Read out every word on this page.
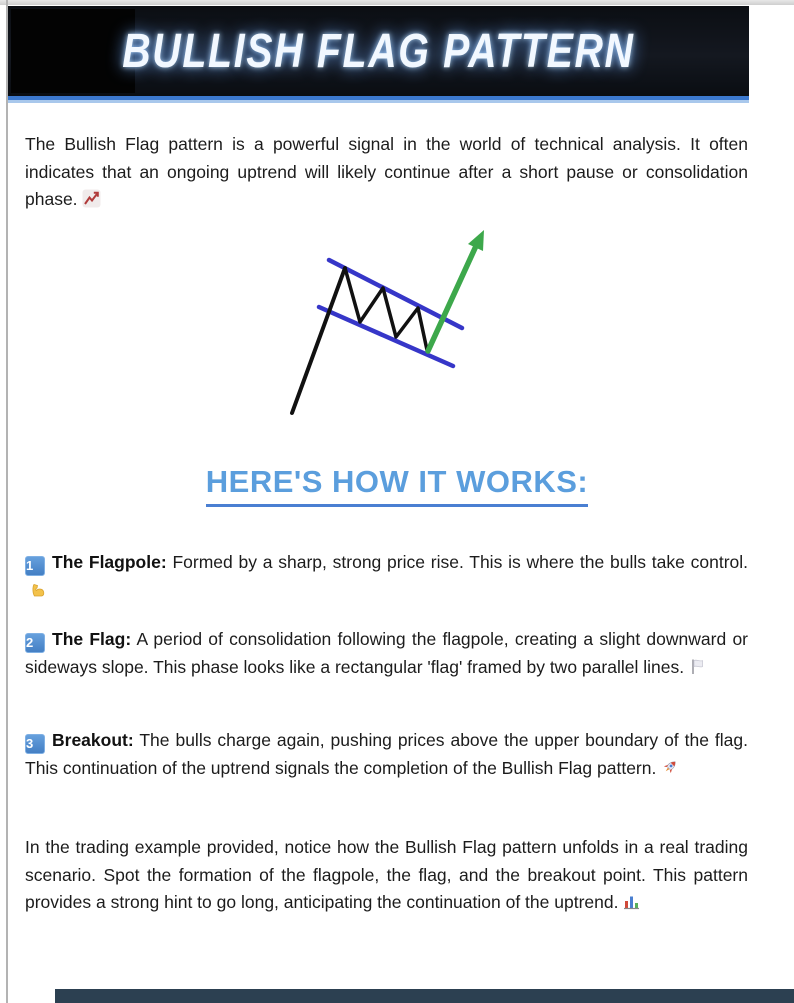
BULLISH FLAG PATTERN

The Bullish Flag pattern is a powerful signal in the world of technical analysis. It often indicates that an ongoing uptrend will likely continue after a short pause or consolidation phase.

HERE'S HOW IT WORKS:

1 The Flagpole: Formed by a sharp, strong price rise. This is where the bulls take control.

2 The Flag: A period of consolidation following the flagpole, creating a slight downward or sideways slope. This phase looks like a rectangular 'flag' framed by two parallel lines.

3 Breakout: The bulls charge again, pushing prices above the upper boundary of the flag. This continuation of the uptrend signals the completion of the Bullish Flag pattern.

In the trading example provided, notice how the Bullish Flag pattern unfolds in a real trading scenario. Spot the formation of the flagpole, the flag, and the breakout point. This pattern provides a strong hint to go long, anticipating the continuation of the uptrend.
